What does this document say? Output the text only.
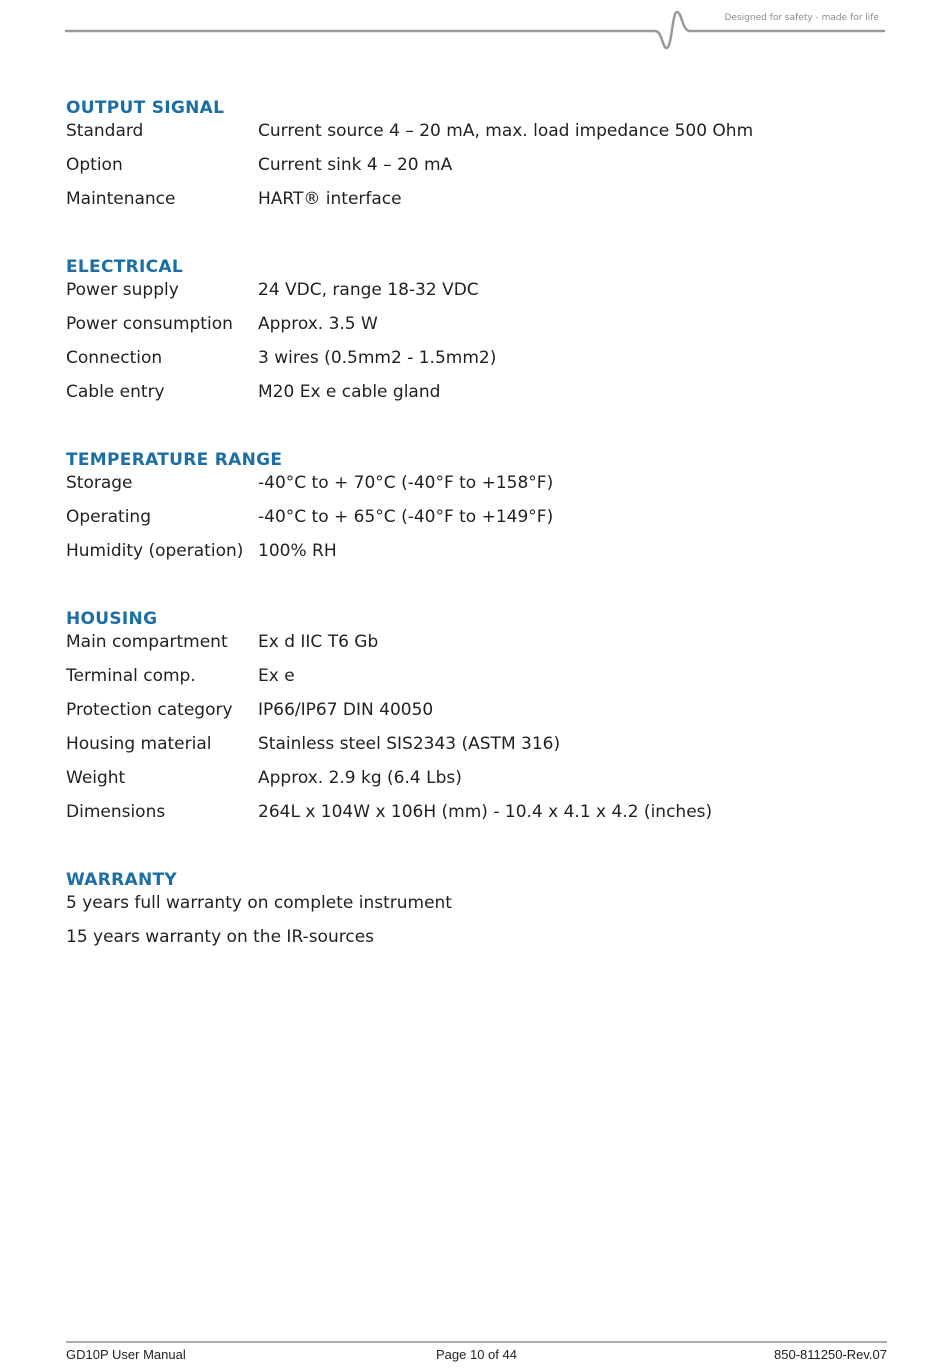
Designed for safety - made for life
OUTPUT SIGNAL
Standard	Current source 4 – 20 mA, max. load impedance 500 Ohm
Option	Current sink 4 – 20 mA
Maintenance	HART® interface
ELECTRICAL
Power supply	24 VDC, range 18-32 VDC
Power consumption	Approx. 3.5 W
Connection	3 wires (0.5mm2 - 1.5mm2)
Cable entry	M20 Ex e cable gland
TEMPERATURE RANGE
Storage	-40°C to + 70°C (-40°F to +158°F)
Operating	-40°C to + 65°C (-40°F to +149°F)
Humidity (operation) 100% RH
HOUSING
Main compartment	Ex d IIC T6 Gb
Terminal comp.	Ex e
Protection category	IP66/IP67 DIN 40050
Housing material	Stainless steel SIS2343 (ASTM 316)
Weight	Approx. 2.9 kg (6.4 Lbs)
Dimensions	264L x 104W x 106H (mm) - 10.4 x 4.1 x 4.2 (inches)
WARRANTY
5 years full warranty on complete instrument
15 years warranty on the IR-sources
GD10P User Manual	Page 10 of 44	850-811250-Rev.07
